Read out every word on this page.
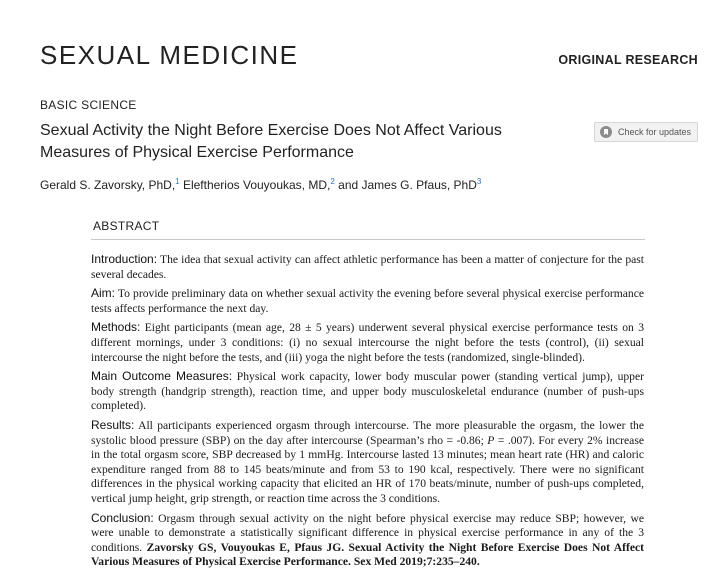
SEXUAL MEDICINE	ORIGINAL RESEARCH
BASIC SCIENCE
Sexual Activity the Night Before Exercise Does Not Affect Various
Measures of Physical Exercise Performance
Check for updates
Gerald S. Zavorsky, PhD,$^1$ Eleftherios Vouyoukas, MD,$^2$ and James G. Pfaus, PhD$^3$
ABSTRACT

Introduction: The idea that sexual activity can affect athletic performance has been a matter of conjecture for the past several decades.

Aim: To provide preliminary data on whether sexual activity the evening before several physical exercise performance tests affects performance the next day.

Methods: Eight participants (mean age, 28 ± 5 years) underwent several physical exercise performance tests on 3 different mornings, under 3 conditions: (i) no sexual intercourse the night before the tests (control), (ii) sexual intercourse the night before the tests, and (iii) yoga the night before the tests (randomized, single-blinded).

Main Outcome Measures: Physical work capacity, lower body muscular power (standing vertical jump), upper body strength (handgrip strength), reaction time, and upper body musculoskeletal endurance (number of push-ups completed).

Results: All participants experienced orgasm through intercourse. The more pleasurable the orgasm, the lower the systolic blood pressure (SBP) on the day after intercourse (Spearman’s rho = -0.86; P = .007). For every 2% increase in the total orgasm score, SBP decreased by 1 mmHg. Intercourse lasted 13 minutes; mean heart rate (HR) and caloric expenditure ranged from 88 to 145 beats/minute and from 53 to 190 kcal, respectively. There were no significant differences in the physical working capacity that elicited an HR of 170 beats/minute, number of push-ups completed, vertical jump height, grip strength, or reaction time across the 3 conditions.

Conclusion: Orgasm through sexual activity on the night before physical exercise may reduce SBP; however, we were unable to demonstrate a statistically significant difference in physical exercise performance in any of the 3 conditions. Zavorsky GS, Vouyoukas E, Pfaus JG. Sexual Activity the Night Before Exercise Does Not Affect Various Measures of Physical Exercise Performance. Sex Med 2019;7:235–240.
